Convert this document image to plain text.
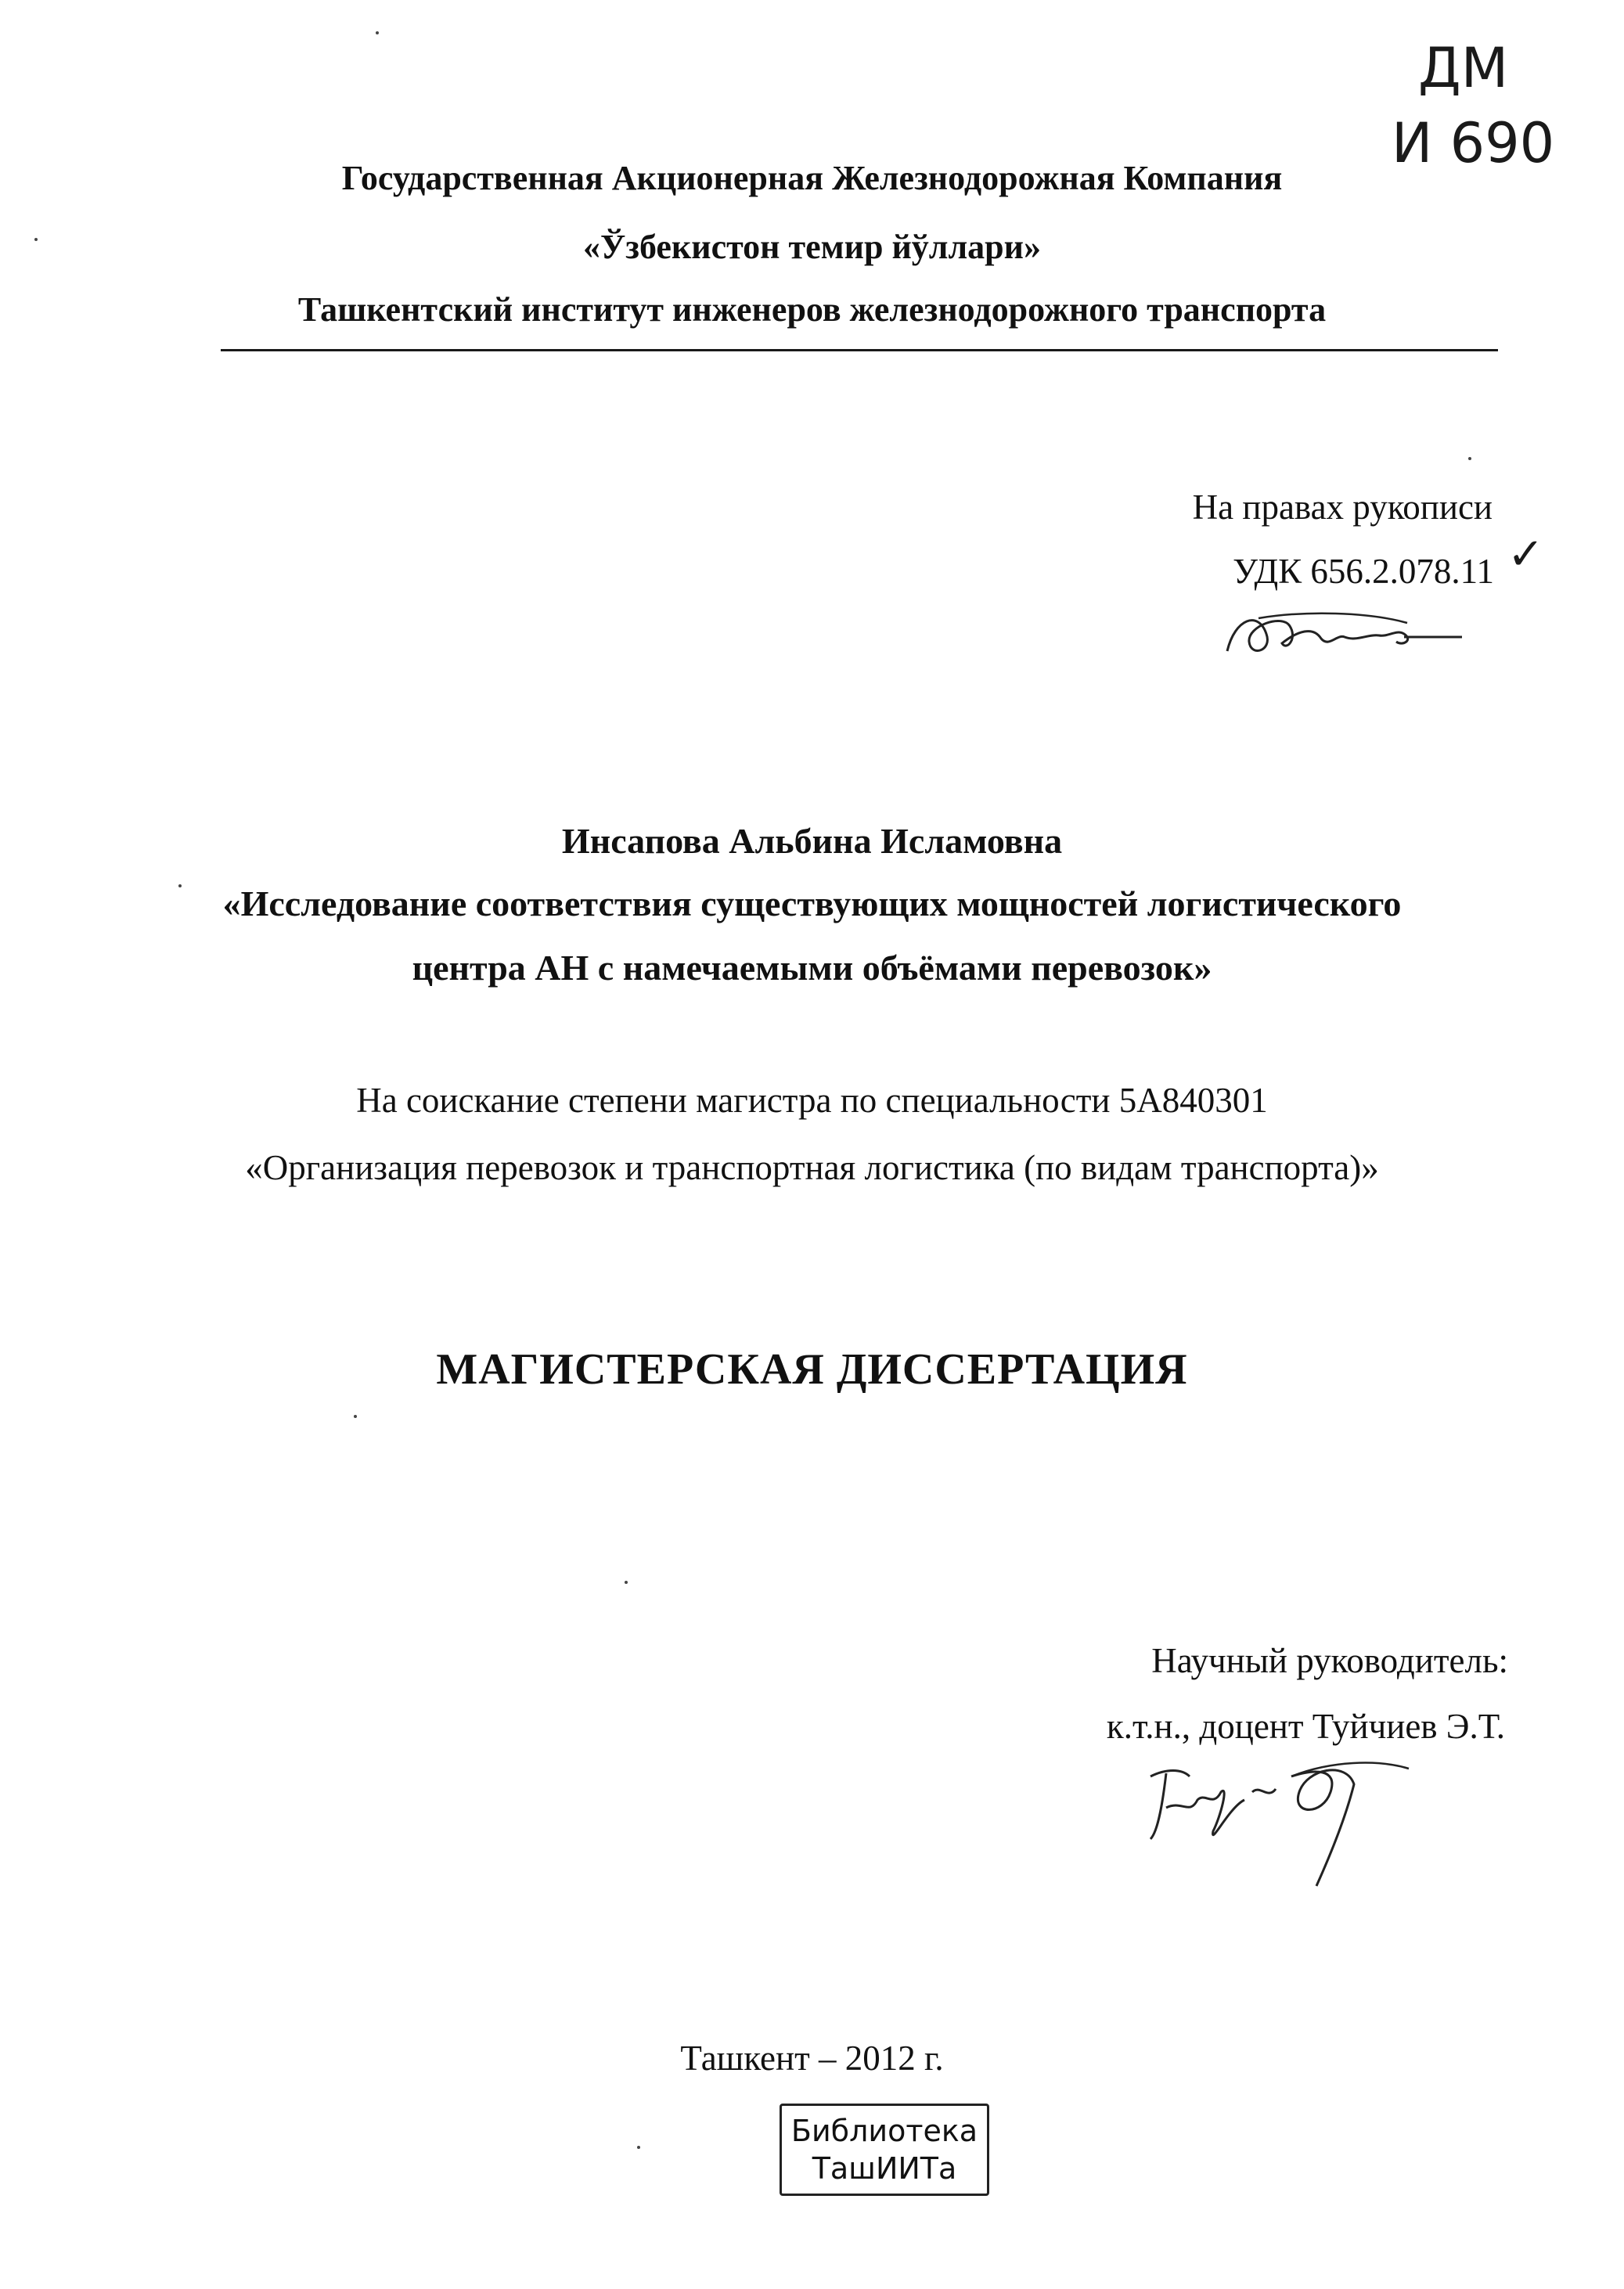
Государственная Акционерная Железнодорожная Компания
«Ўзбекистон темир йўллари»
Ташкентский институт инженеров железнодорожного транспорта
ДМ
И 690
На правах рукописи
УДК 656.2.078.11 ✓
Инсапова Альбина Исламовна
«Исследование соответствия существующих мощностей логистического
центра АН с намечаемыми объёмами перевозок»
На соискание степени магистра по специальности 5А840301
«Организация перевозок и транспортная логистика (по видам транспорта)»
МАГИСТЕРСКАЯ ДИССЕРТАЦИЯ
Научный руководитель:
к.т.н., доцент Туйчиев Э.Т.
Ташкент – 2012 г.
Библиотека
ТашИИТа
